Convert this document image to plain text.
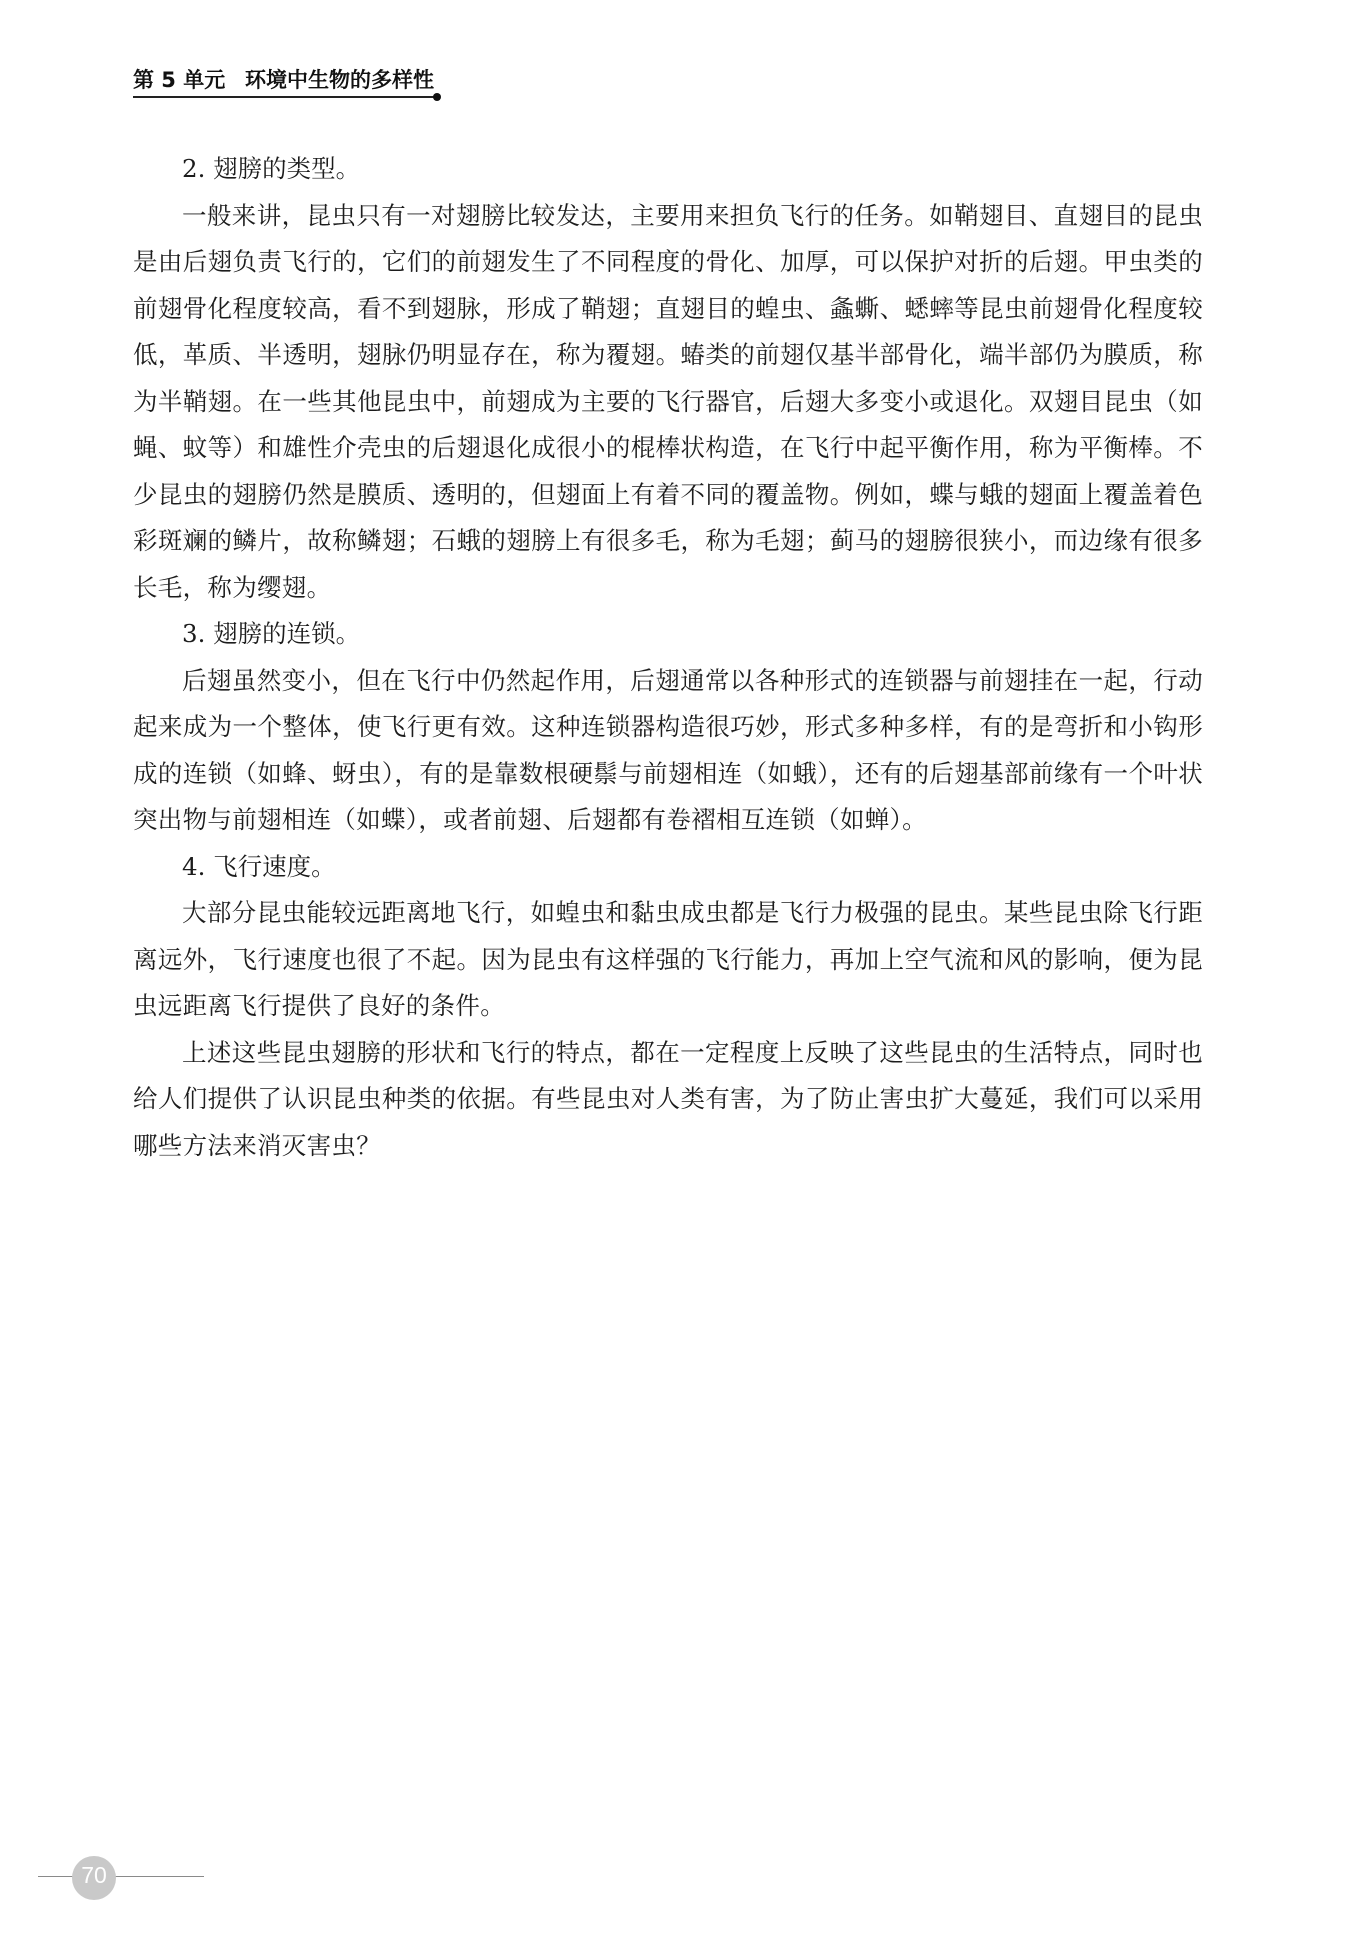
第 5 单元 环境中生物的多样性

2. 翅膀的类型。

一般来讲，昆虫只有一对翅膀比较发达，主要用来担负飞行的任务。如鞘翅目、直翅目的昆虫是由后翅负责飞行的，它们的前翅发生了不同程度的骨化、加厚，可以保护对折的后翅。甲虫类的前翅骨化程度较高，看不到翅脉，形成了鞘翅；直翅目的蝗虫、螽蟖、蟋蟀等昆虫前翅骨化程度较低，革质、半透明，翅脉仍明显存在，称为覆翅。蝽类的前翅仅基半部骨化，端半部仍为膜质，称为半鞘翅。在一些其他昆虫中，前翅成为主要的飞行器官，后翅大多变小或退化。双翅目昆虫（如蝇、蚊等）和雄性介壳虫的后翅退化成很小的棍棒状构造，在飞行中起平衡作用，称为平衡棒。不少昆虫的翅膀仍然是膜质、透明的，但翅面上有着不同的覆盖物。例如，蝶与蛾的翅面上覆盖着色彩斑斓的鳞片，故称鳞翅；石蛾的翅膀上有很多毛，称为毛翅；蓟马的翅膀很狭小，而边缘有很多长毛，称为缨翅。

3. 翅膀的连锁。

后翅虽然变小，但在飞行中仍然起作用，后翅通常以各种形式的连锁器与前翅挂在一起，行动起来成为一个整体，使飞行更有效。这种连锁器构造很巧妙，形式多种多样，有的是弯折和小钩形成的连锁（如蜂、蚜虫），有的是靠数根硬鬃与前翅相连（如蛾），还有的后翅基部前缘有一个叶状突出物与前翅相连（如蝶），或者前翅、后翅都有卷褶相互连锁（如蝉）。

4. 飞行速度。

大部分昆虫能较远距离地飞行，如蝗虫和黏虫成虫都是飞行力极强的昆虫。某些昆虫除飞行距离远外，飞行速度也很了不起。因为昆虫有这样强的飞行能力，再加上空气流和风的影响，便为昆虫远距离飞行提供了良好的条件。

上述这些昆虫翅膀的形状和飞行的特点，都在一定程度上反映了这些昆虫的生活特点，同时也给人们提供了认识昆虫种类的依据。有些昆虫对人类有害，为了防止害虫扩大蔓延，我们可以采用哪些方法来消灭害虫？

70
